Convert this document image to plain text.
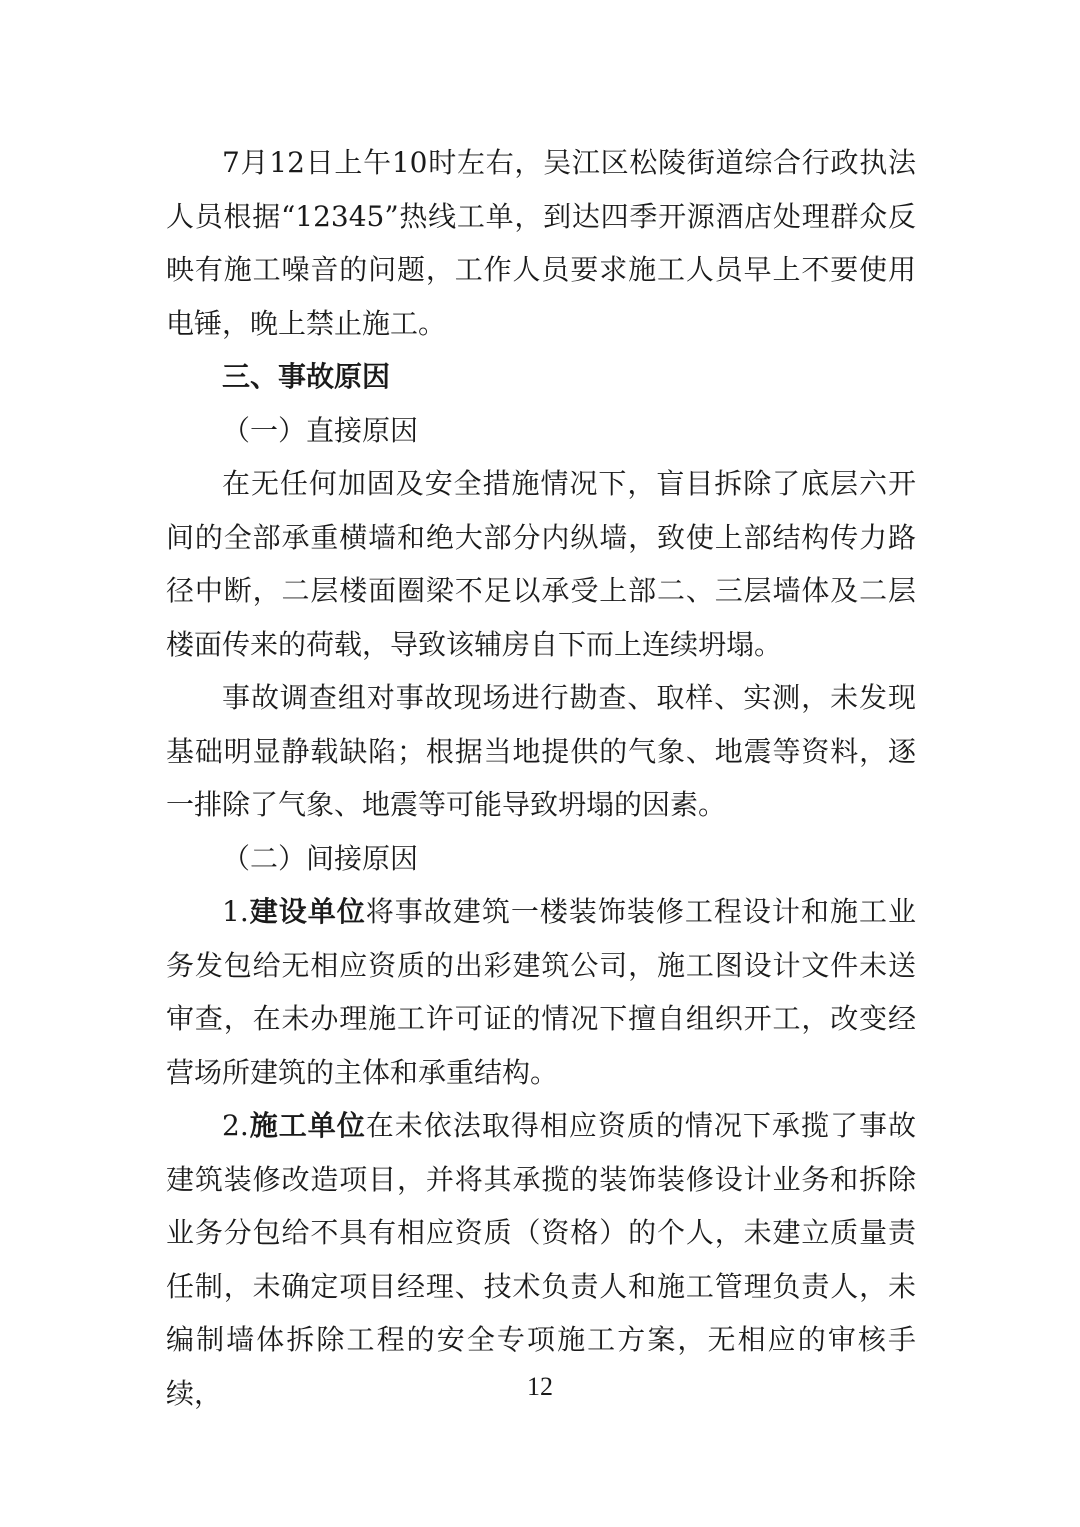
7月12日上午10时左右，吴江区松陵街道综合行政执法人员根据“12345”热线工单，到达四季开源酒店处理群众反映有施工噪音的问题，工作人员要求施工人员早上不要使用电锤，晚上禁止施工。

三、事故原因

（一）直接原因

在无任何加固及安全措施情况下，盲目拆除了底层六开间的全部承重横墙和绝大部分内纵墙，致使上部结构传力路径中断，二层楼面圈梁不足以承受上部二、三层墙体及二层楼面传来的荷载，导致该辅房自下而上连续坍塌。

事故调查组对事故现场进行勘查、取样、实测，未发现基础明显静载缺陷；根据当地提供的气象、地震等资料，逐一排除了气象、地震等可能导致坍塌的因素。

（二）间接原因

1.建设单位将事故建筑一楼装饰装修工程设计和施工业务发包给无相应资质的出彩建筑公司，施工图设计文件未送审查，在未办理施工许可证的情况下擅自组织开工，改变经营场所建筑的主体和承重结构。

2.施工单位在未依法取得相应资质的情况下承揽了事故建筑装修改造项目，并将其承揽的装饰装修设计业务和拆除业务分包给不具有相应资质（资格）的个人，未建立质量责任制，未确定项目经理、技术负责人和施工管理负责人，未编制墙体拆除工程的安全专项施工方案，无相应的审核手续，	12
